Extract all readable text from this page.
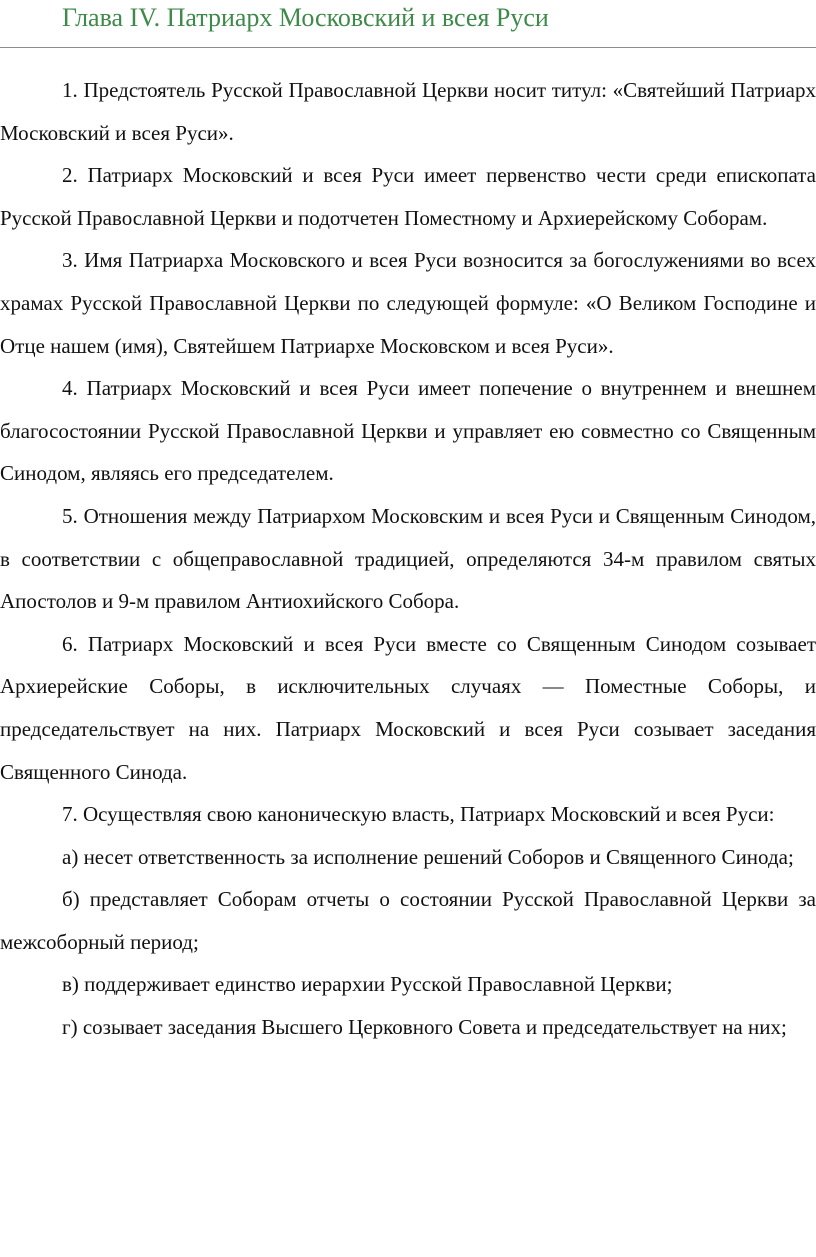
Глава IV. Патриарх Московский и всея Руси

1. Предстоятель Русской Православной Церкви носит титул: «Святейший Патриарх Московский и всея Руси».

2. Патриарх Московский и всея Руси имеет первенство чести среди епископата Русской Православной Церкви и подотчетен Поместному и Архиерейскому Соборам.

3. Имя Патриарха Московского и всея Руси возносится за богослужениями во всех храмах Русской Православной Церкви по следующей формуле: «О Великом Господине и Отце нашем (имя), Святейшем Патриархе Московском и всея Руси».

4. Патриарх Московский и всея Руси имеет попечение о внутреннем и внешнем благосостоянии Русской Православной Церкви и управляет ею совместно со Священным Синодом, являясь его председателем.

5. Отношения между Патриархом Московским и всея Руси и Священным Синодом, в соответствии с общеправославной традицией, определяются 34-м правилом святых Апостолов и 9-м правилом Антиохийского Собора.

6. Патриарх Московский и всея Руси вместе со Священным Синодом созывает Архиерейские Соборы, в исключительных случаях — Поместные Соборы, и председательствует на них. Патриарх Московский и всея Руси созывает заседания Священного Синода.

7. Осуществляя свою каноническую власть, Патриарх Московский и всея Руси:

а) несет ответственность за исполнение решений Соборов и Священного Синода;

б) представляет Соборам отчеты о состоянии Русской Православной Церкви за межсоборный период;

в) поддерживает единство иерархии Русской Православной Церкви;

г) созывает заседания Высшего Церковного Совета и председательствует на них;
